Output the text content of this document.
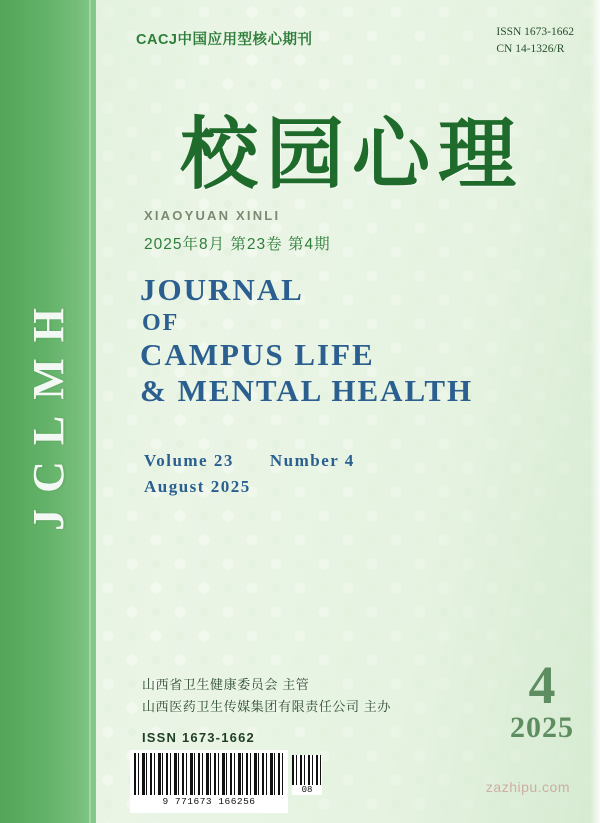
JCLMH
CACJ中国应用型核心期刊	ISSN 1673-1662
CN 14-1326/R
校园心理
XIAOYUAN XINLI
2025年8月 第23卷 第4期
JOURNAL
OF
CAMPUS LIFE
& MENTAL HEALTH
Volume 23 Number 4
August 2025
山西省卫生健康委员会 主管
山西医药卫生传媒集团有限责任公司 主办
ISSN 1673-1662
9 771673 166256
08
4
2025
zazhipu.com
